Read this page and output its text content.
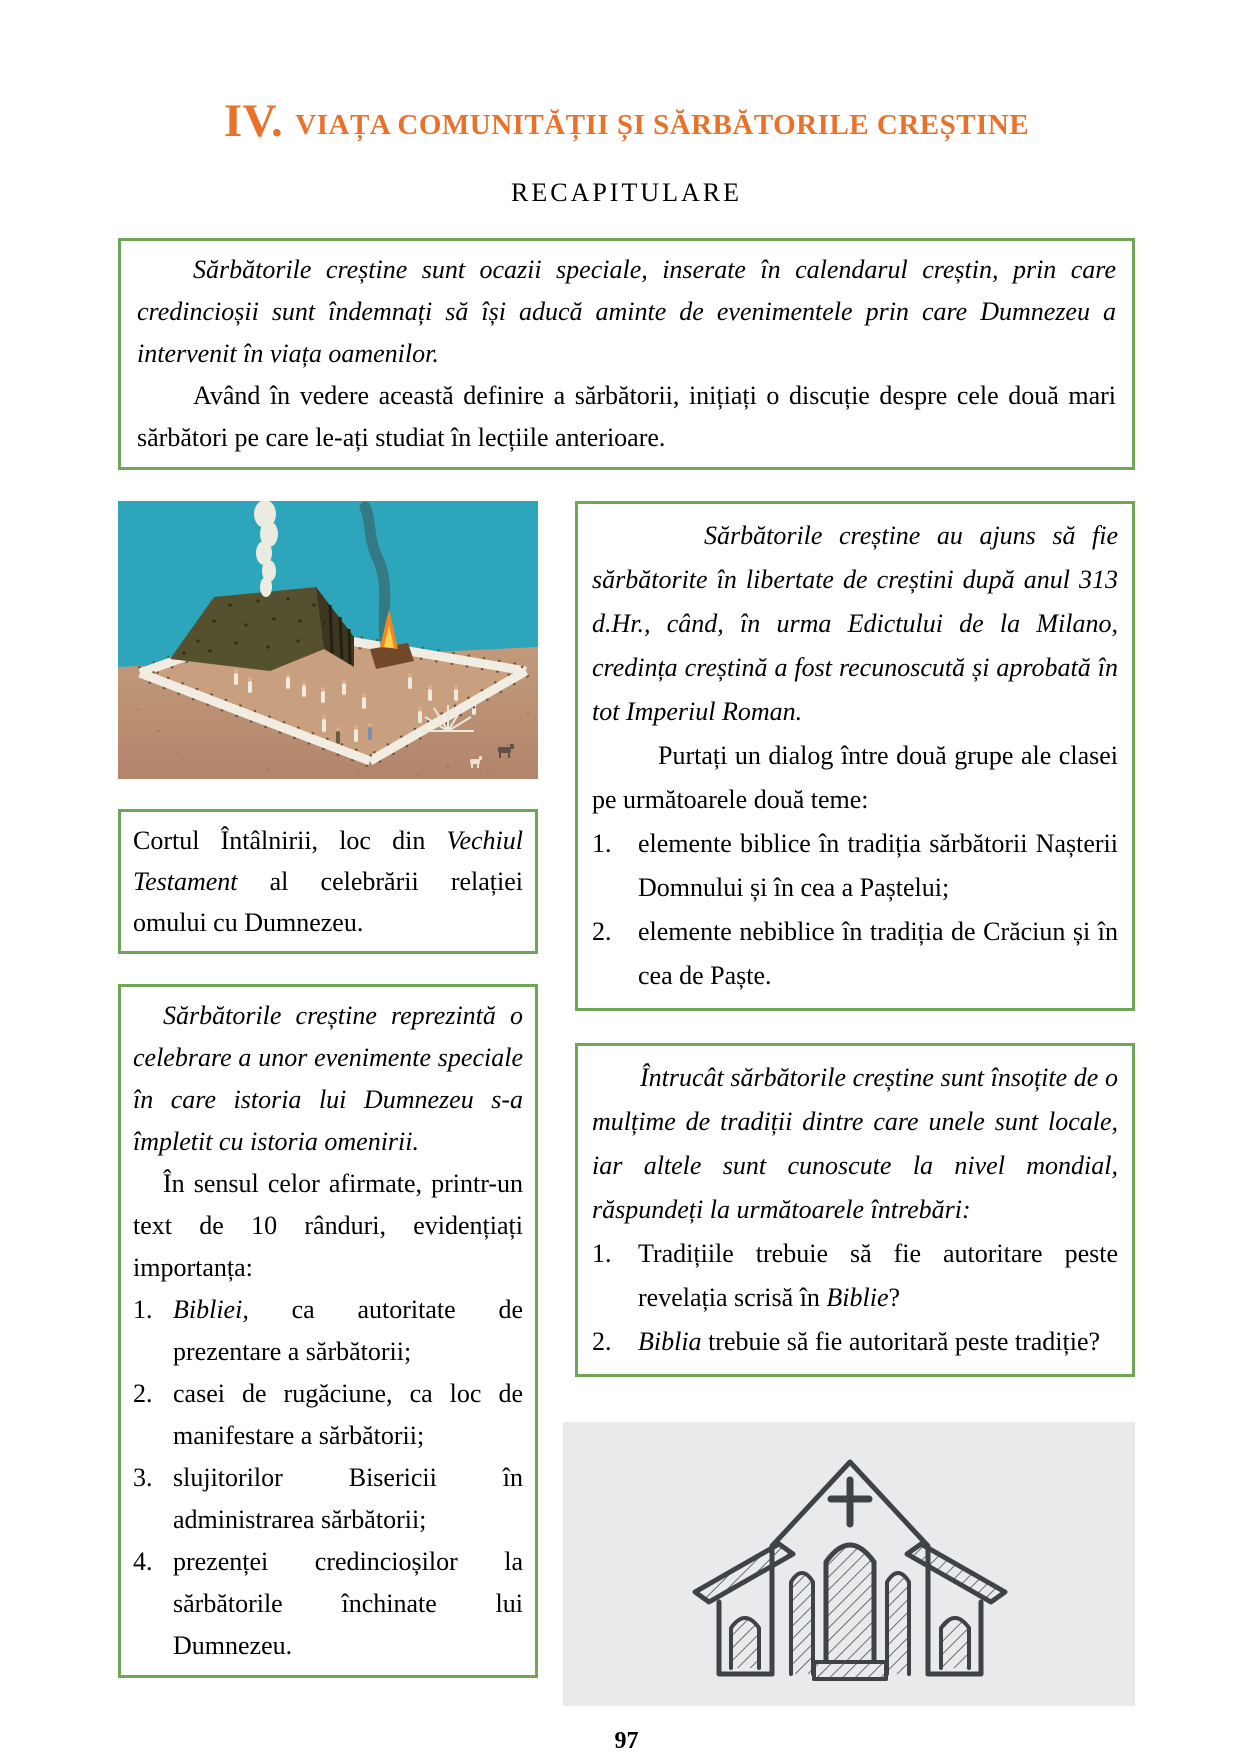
IV. VIAȚA COMUNITĂȚII ȘI SĂRBĂTORILE CREȘTINE
RECAPITULARE

Sărbătorile creștine sunt ocazii speciale, inserate în calendarul creștin, prin care credincioșii sunt îndemnați să își aducă aminte de evenimentele prin care Dumnezeu a intervenit în viața oamenilor.

Având în vedere această definire a sărbătorii, inițiați o discuție despre cele două mari sărbători pe care le-ați studiat în lecțiile anterioare.

Cortul Întâlnirii, loc din Vechiul Testament al celebrării relației omului cu Dumnezeu.

Sărbătorile creștine reprezintă o celebrare a unor evenimente speciale în care istoria lui Dumnezeu s-a împletit cu istoria omenirii.

În sensul celor afirmate, printr-un text de 10 rânduri, evidențiați importanța:

1. Bibliei, ca autoritate de prezentare a sărbătorii;
2. casei de rugăciune, ca loc de manifestare a sărbătorii;
3. slujitorilor Bisericii în administrarea sărbătorii;
4. prezenței credincioșilor la sărbătorile închinate lui Dumnezeu.

Sărbătorile creștine au ajuns să fie sărbătorite în libertate de creștini după anul 313 d.Hr., când, în urma Edictului de la Milano, credința creștină a fost recunoscută și aprobată în tot Imperiul Roman.

Purtați un dialog între două grupe ale clasei pe următoarele două teme:

1.	elemente biblice în tradiția sărbătorii Nașterii Domnului și în cea a Paștelui;
2.	elemente nebiblice în tradiția de Crăciun și în cea de Paște.

Întrucât sărbătorile creștine sunt însoțite de o mulțime de tradiții dintre care unele sunt locale, iar altele sunt cunoscute la nivel mondial, răspundeți la următoarele întrebări:

1.	Tradițiile trebuie să fie autoritare peste revelația scrisă în Biblie?
2.	Biblia trebuie să fie autoritară peste tradiție?
97
